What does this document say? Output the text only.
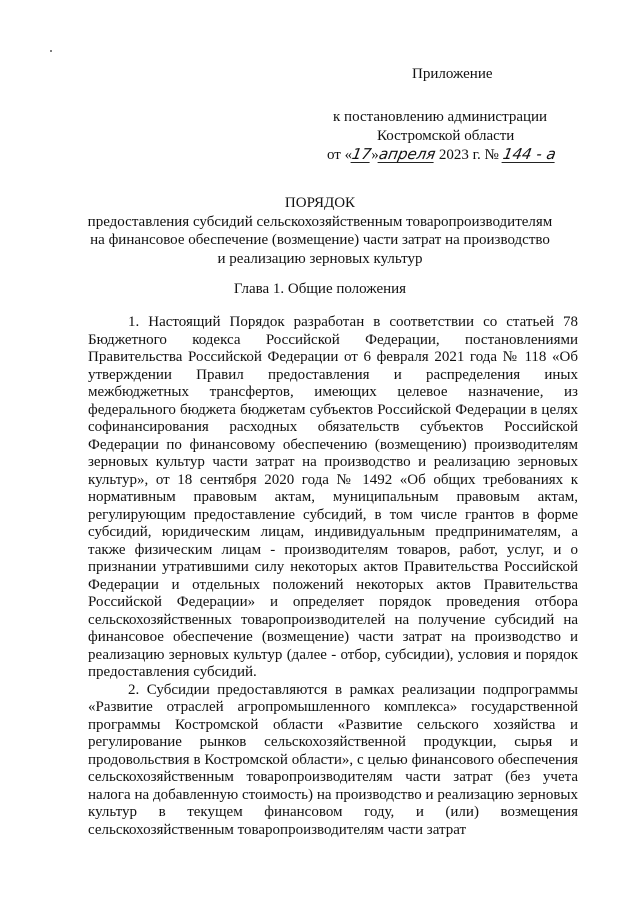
Приложение
к постановлению администрации
Костромской области
от «17»апреля 2023 г. № 144 - а
ПОРЯДОК
предоставления субсидий сельскохозяйственным товаропроизводителям
на финансовое обеспечение (возмещение) части затрат на производство
и реализацию зерновых культур
Глава 1. Общие положения

1. Настоящий Порядок разработан в соответствии со статьей 78 Бюджетного кодекса Российской Федерации, постановлениями Правительства Российской Федерации от 6 февраля 2021 года № 118 «Об утверждении Правил предоставления и распределения иных межбюджетных трансфертов, имеющих целевое назначение, из федерального бюджета бюджетам субъектов Российской Федерации в целях софинансирования расходных обязательств субъектов Российской Федерации по финансовому обеспечению (возмещению) производителям зерновых культур части затрат на производство и реализацию зерновых культур», от 18 сентября 2020 года № 1492 «Об общих требованиях к нормативным правовым актам, муниципальным правовым актам, регулирующим предоставление субсидий, в том числе грантов в форме субсидий, юридическим лицам, индивидуальным предпринимателям, а также физическим лицам - производителям товаров, работ, услуг, и о признании утратившими силу некоторых актов Правительства Российской Федерации и отдельных положений некоторых актов Правительства Российской Федерации» и определяет порядок проведения отбора сельскохозяйственных товаропроизводителей на получение субсидий на финансовое обеспечение (возмещение) части затрат на производство и реализацию зерновых культур (далее - отбор, субсидии), условия и порядок предоставления субсидий.

2. Субсидии предоставляются в рамках реализации подпрограммы «Развитие отраслей агропромышленного комплекса» государственной программы Костромской области «Развитие сельского хозяйства и регулирование рынков сельскохозяйственной продукции, сырья и продовольствия в Костромской области», с целью финансового обеспечения сельскохозяйственным товаропроизводителям части затрат (без учета налога на добавленную стоимость) на производство и реализацию зерновых культур в текущем финансовом году, и (или) возмещения сельскохозяйственным товаропроизводителям части затрат
